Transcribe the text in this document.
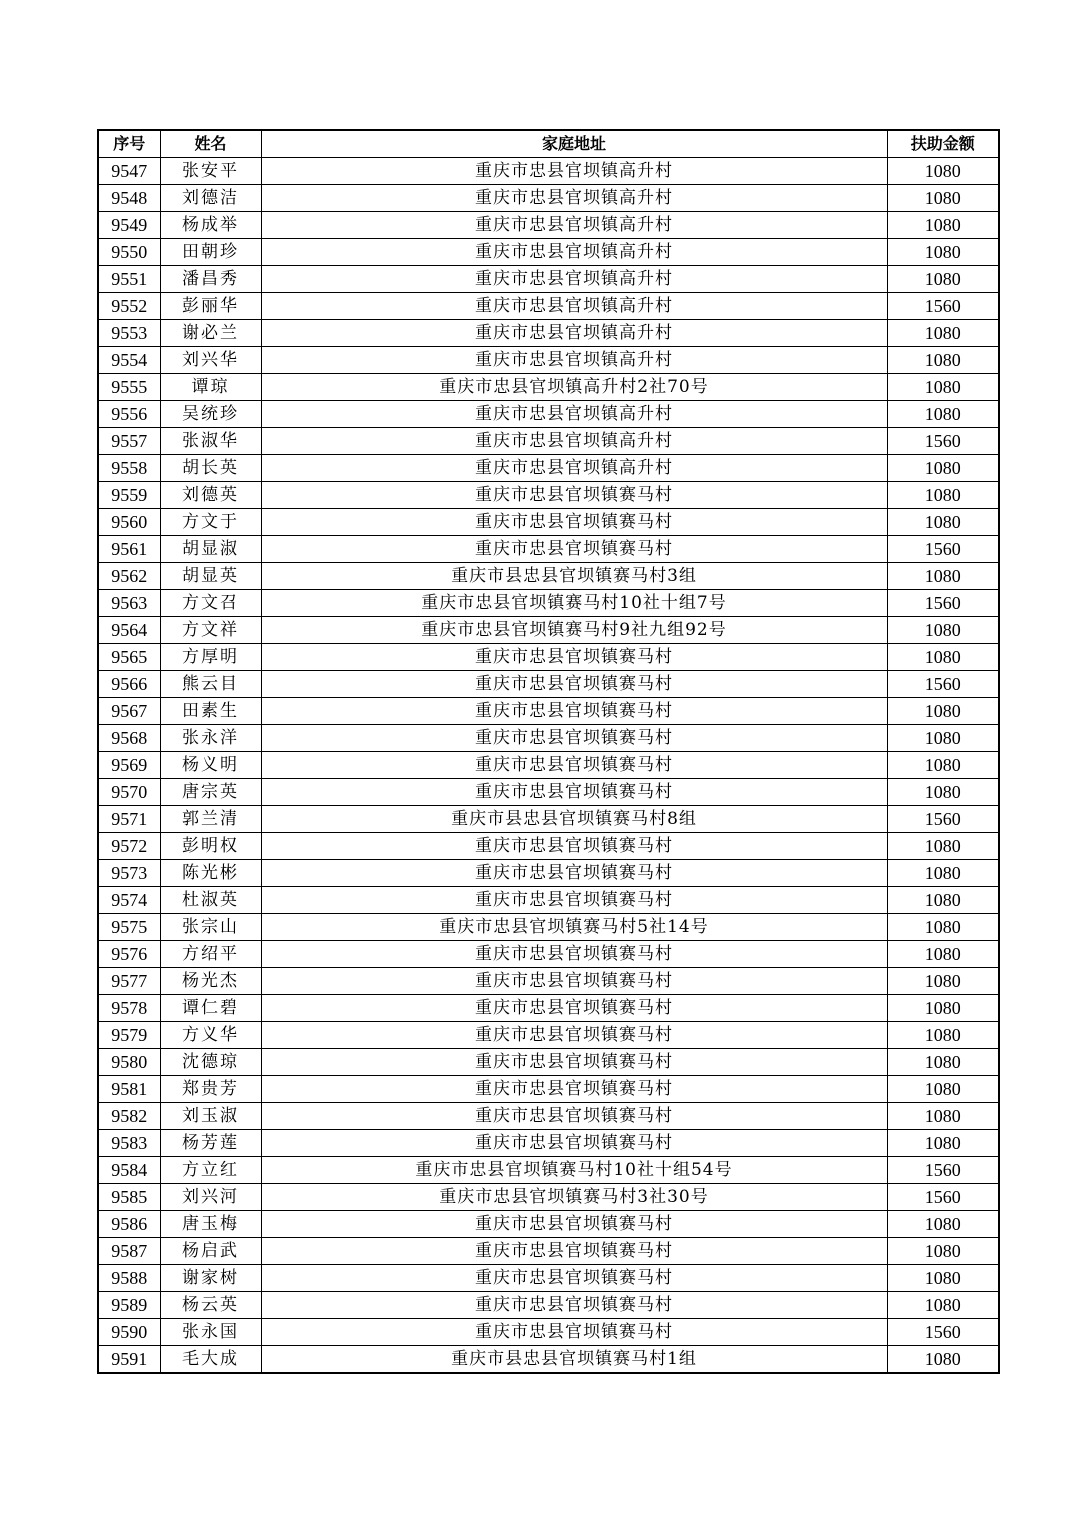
序号	姓名	家庭地址	扶助金额
9547	张安平	重庆市忠县官坝镇高升村	1080
9548	刘德洁	重庆市忠县官坝镇高升村	1080
9549	杨成举	重庆市忠县官坝镇高升村	1080
9550	田朝珍	重庆市忠县官坝镇高升村	1080
9551	潘昌秀	重庆市忠县官坝镇高升村	1080
9552	彭丽华	重庆市忠县官坝镇高升村	1560
9553	谢必兰	重庆市忠县官坝镇高升村	1080
9554	刘兴华	重庆市忠县官坝镇高升村	1080
9555	谭琼	重庆市忠县官坝镇高升村2社70号	1080
9556	吴统珍	重庆市忠县官坝镇高升村	1080
9557	张淑华	重庆市忠县官坝镇高升村	1560
9558	胡长英	重庆市忠县官坝镇高升村	1080
9559	刘德英	重庆市忠县官坝镇赛马村	1080
9560	方文于	重庆市忠县官坝镇赛马村	1080
9561	胡显淑	重庆市忠县官坝镇赛马村	1560
9562	胡显英	重庆市县忠县官坝镇赛马村3组	1080
9563	方文召	重庆市忠县官坝镇赛马村10社十组7号	1560
9564	方文祥	重庆市忠县官坝镇赛马村9社九组92号	1080
9565	方厚明	重庆市忠县官坝镇赛马村	1080
9566	熊云目	重庆市忠县官坝镇赛马村	1560
9567	田素生	重庆市忠县官坝镇赛马村	1080
9568	张永洋	重庆市忠县官坝镇赛马村	1080
9569	杨义明	重庆市忠县官坝镇赛马村	1080
9570	唐宗英	重庆市忠县官坝镇赛马村	1080
9571	郭兰清	重庆市县忠县官坝镇赛马村8组	1560
9572	彭明权	重庆市忠县官坝镇赛马村	1080
9573	陈光彬	重庆市忠县官坝镇赛马村	1080
9574	杜淑英	重庆市忠县官坝镇赛马村	1080
9575	张宗山	重庆市忠县官坝镇赛马村5社14号	1080
9576	方绍平	重庆市忠县官坝镇赛马村	1080
9577	杨光杰	重庆市忠县官坝镇赛马村	1080
9578	谭仁碧	重庆市忠县官坝镇赛马村	1080
9579	方义华	重庆市忠县官坝镇赛马村	1080
9580	沈德琼	重庆市忠县官坝镇赛马村	1080
9581	郑贵芳	重庆市忠县官坝镇赛马村	1080
9582	刘玉淑	重庆市忠县官坝镇赛马村	1080
9583	杨芳莲	重庆市忠县官坝镇赛马村	1080
9584	方立红	重庆市忠县官坝镇赛马村10社十组54号	1560
9585	刘兴河	重庆市忠县官坝镇赛马村3社30号	1560
9586	唐玉梅	重庆市忠县官坝镇赛马村	1080
9587	杨启武	重庆市忠县官坝镇赛马村	1080
9588	谢家树	重庆市忠县官坝镇赛马村	1080
9589	杨云英	重庆市忠县官坝镇赛马村	1080
9590	张永国	重庆市忠县官坝镇赛马村	1560
9591	毛大成	重庆市县忠县官坝镇赛马村1组	1080
